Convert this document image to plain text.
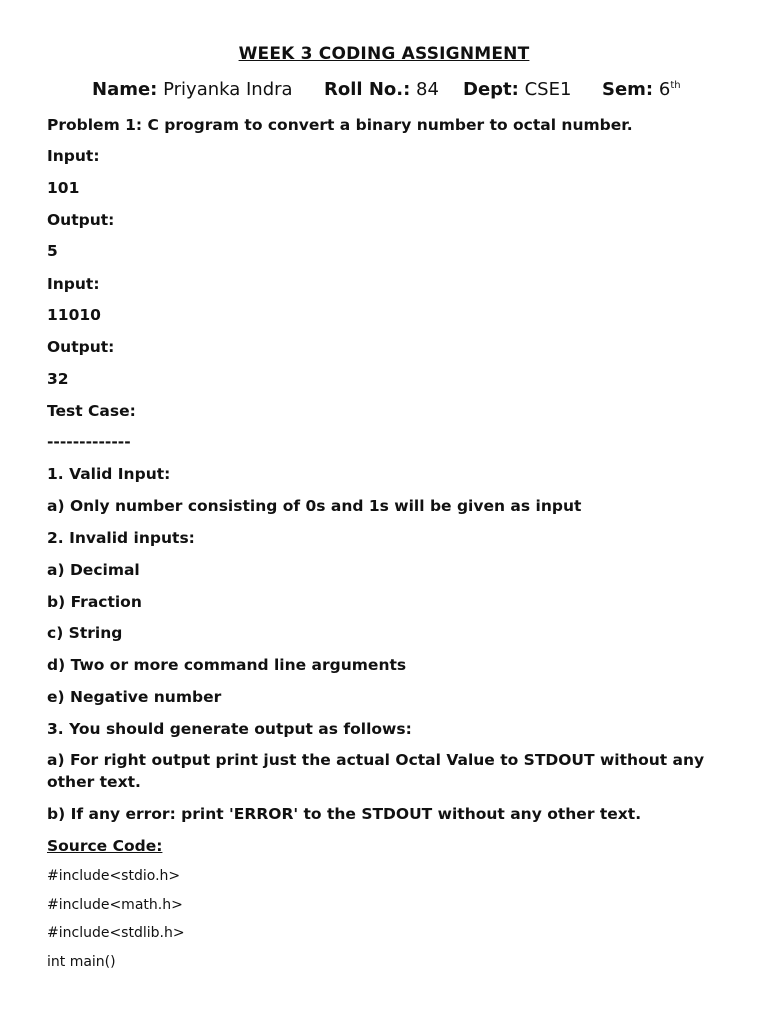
WEEK 3 CODING ASSIGNMENT
Name: Priyanka Indra Roll No.: 84 Dept: CSE1 Sem: 6th
Problem 1: C program to convert a binary number to octal number.
Input:
101
Output:
5
Input:
11010
Output:
32
Test Case:
-------------
1. Valid Input:
a) Only number consisting of 0s and 1s will be given as input
2. Invalid inputs:
a) Decimal
b) Fraction
c) String
d) Two or more command line arguments
e) Negative number
3. You should generate output as follows:
a) For right output print just the actual Octal Value to STDOUT without any other text.
b) If any error: print 'ERROR' to the STDOUT without any other text.
Source Code:
#include<stdio.h>
#include<math.h>
#include<stdlib.h>
int main()
